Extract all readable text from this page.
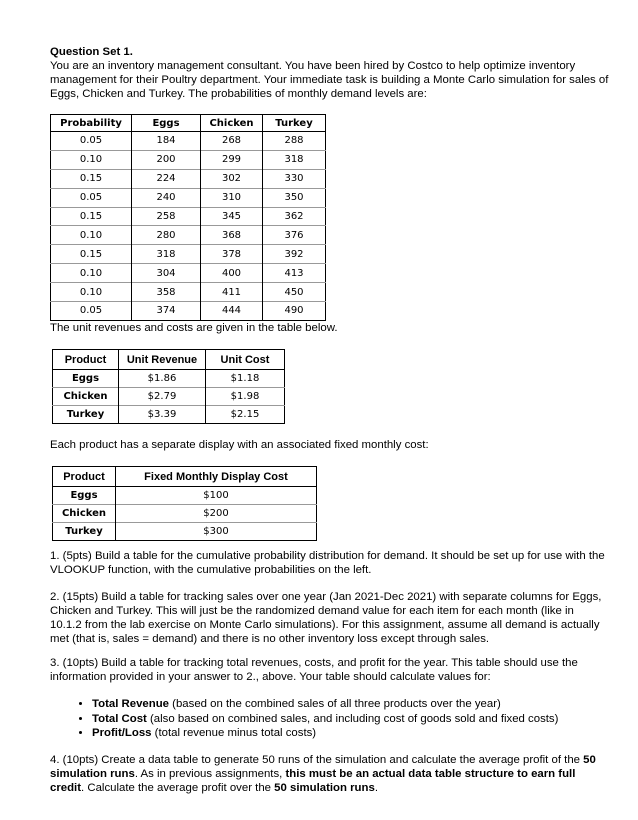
Question Set 1.

You are an inventory management consultant. You have been hired by Costco to help optimize inventory management for their Poultry department. Your immediate task is building a Monte Carlo simulation for sales of Eggs, Chicken and Turkey. The probabilities of monthly demand levels are:

Probability	Eggs	Chicken	Turkey
0.05	184	268	288
0.10	200	299	318
0.15	224	302	330
0.05	240	310	350
0.15	258	345	362
0.10	280	368	376
0.15	318	378	392
0.10	304	400	413
0.10	358	411	450
0.05	374	444	490

The unit revenues and costs are given in the table below.

Product	Unit Revenue	Unit Cost
Eggs	$1.86	$1.18
Chicken	$2.79	$1.98
Turkey	$3.39	$2.15

Each product has a separate display with an associated fixed monthly cost:

Product	Fixed Monthly Display Cost
Eggs	$100
Chicken	$200
Turkey	$300

1. (5pts) Build a table for the cumulative probability distribution for demand. It should be set up for use with the VLOOKUP function, with the cumulative probabilities on the left.

2. (15pts) Build a table for tracking sales over one year (Jan 2021-Dec 2021) with separate columns for Eggs, Chicken and Turkey. This will just be the randomized demand value for each item for each month (like in 10.1.2 from the lab exercise on Monte Carlo simulations). For this assignment, assume all demand is actually met (that is, sales = demand) and there is no other inventory loss except through sales.

3. (10pts) Build a table for tracking total revenues, costs, and profit for the year. This table should use the information provided in your answer to 2., above. Your table should calculate values for:

• Total Revenue (based on the combined sales of all three products over the year)
• Total Cost (also based on combined sales, and including cost of goods sold and fixed costs)
• Profit/Loss (total revenue minus total costs)

4. (10pts) Create a data table to generate 50 runs of the simulation and calculate the average profit of the 50 simulation runs. As in previous assignments, this must be an actual data table structure to earn full credit. Calculate the average profit over the 50 simulation runs.
